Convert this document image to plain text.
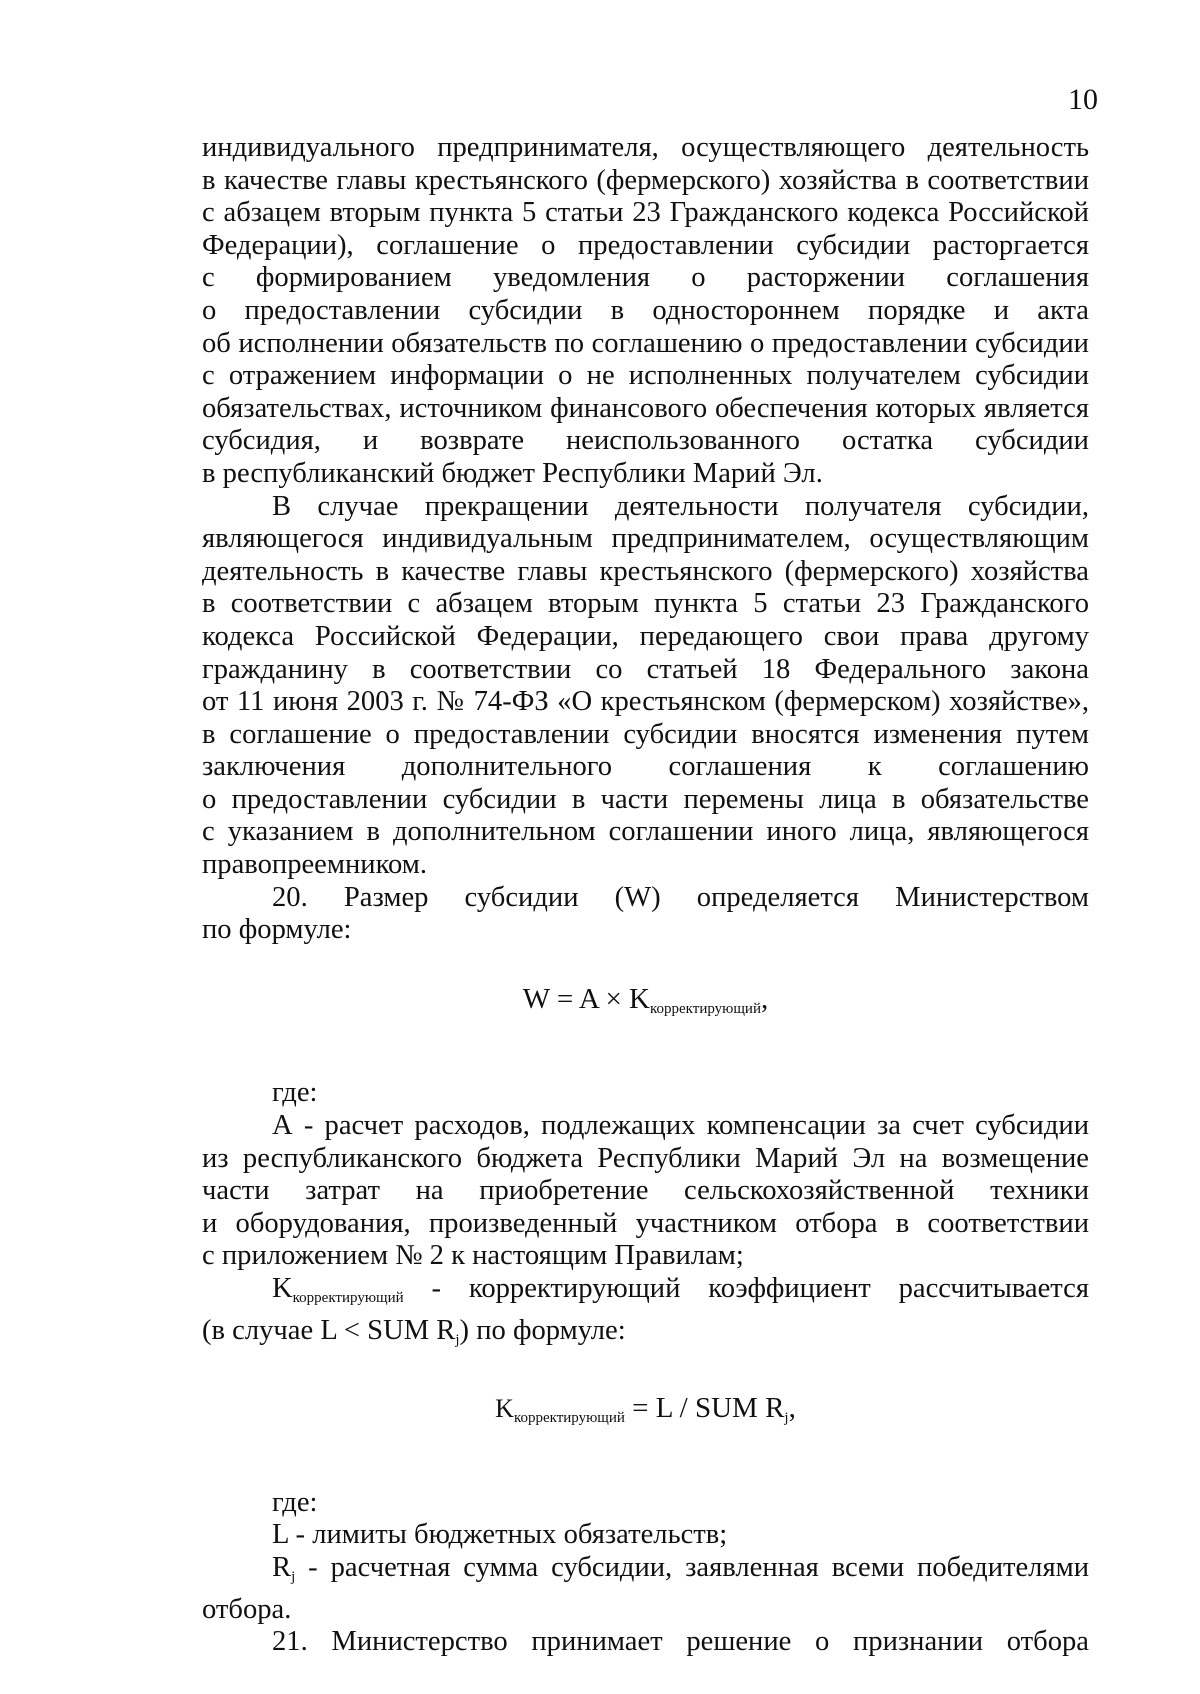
10
индивидуального предпринимателя, осуществляющего деятельность
в качестве главы крестьянского (фермерского) хозяйства в соответствии
с абзацем вторым пункта 5 статьи 23 Гражданского кодекса Российской
Федерации), соглашение о предоставлении субсидии расторгается
с формированием уведомления о расторжении соглашения
о предоставлении субсидии в одностороннем порядке и акта
об исполнении обязательств по соглашению о предоставлении субсидии
с отражением информации о не исполненных получателем субсидии
обязательствах, источником финансового обеспечения которых является
субсидия, и возврате неиспользованного остатка субсидии
в республиканский бюджет Республики Марий Эл.
В случае прекращении деятельности получателя субсидии,
являющегося индивидуальным предпринимателем, осуществляющим
деятельность в качестве главы крестьянского (фермерского) хозяйства
в соответствии с абзацем вторым пункта 5 статьи 23 Гражданского
кодекса Российской Федерации, передающего свои права другому
гражданину в соответствии со статьей 18 Федерального закона
от 11 июня 2003 г. № 74-ФЗ «О крестьянском (фермерском) хозяйстве»,
в соглашение о предоставлении субсидии вносятся изменения путем
заключения дополнительного соглашения к соглашению
о предоставлении субсидии в части перемены лица в обязательстве
с указанием в дополнительном соглашении иного лица, являющегося
правопреемником.
20. Размер субсидии (W) определяется Министерством
по формуле:
$W = A \times K_{корректирующий}$,
где:
А - расчет расходов, подлежащих компенсации за счет субсидии
из республиканского бюджета Республики Марий Эл на возмещение
части затрат на приобретение сельскохозяйственной техники
и оборудования, произведенный участником отбора в соответствии
с приложением № 2 к настоящим Правилам;
Kкорректирующий - корректирующий коэффициент рассчитывается
(в случае L < SUM Rj) по формуле:
Kкорректирующий = L / SUM $R_j$,
где:
L - лимиты бюджетных обязательств;
Rj - расчетная сумма субсидии, заявленная всеми победителями
отбора.
21. Министерство принимает решение о признании отбора
